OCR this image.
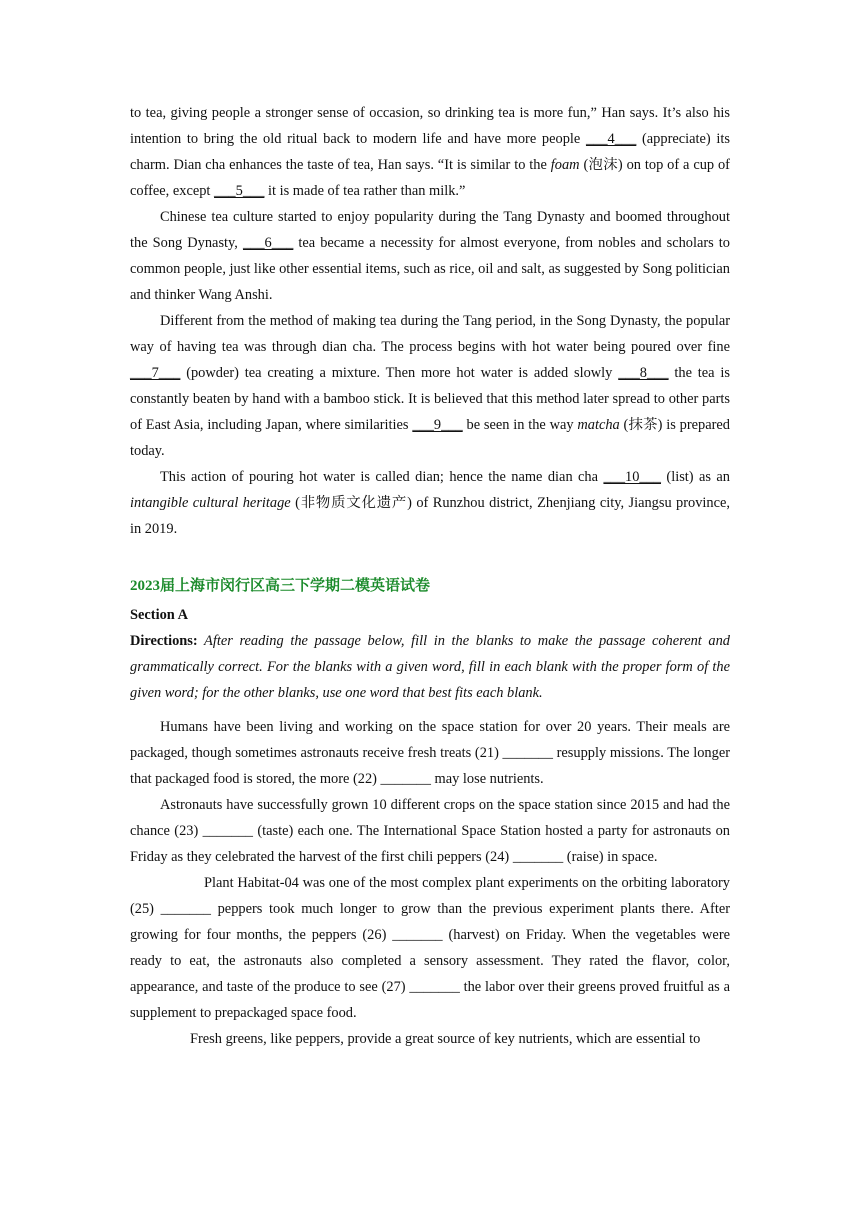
to tea, giving people a stronger sense of occasion, so drinking tea is more fun,” Han says. It’s also his intention to bring the old ritual back to modern life and have more people ___4___ (appreciate) its charm. Dian cha enhances the taste of tea, Han says. “It is similar to the foam (泡沫) on top of a cup of coffee, except ___5___ it is made of tea rather than milk.”

Chinese tea culture started to enjoy popularity during the Tang Dynasty and boomed throughout the Song Dynasty, ___6___ tea became a necessity for almost everyone, from nobles and scholars to common people, just like other essential items, such as rice, oil and salt, as suggested by Song politician and thinker Wang Anshi.

Different from the method of making tea during the Tang period, in the Song Dynasty, the popular way of having tea was through dian cha. The process begins with hot water being poured over fine ___7___ (powder) tea creating a mixture. Then more hot water is added slowly ___8___ the tea is constantly beaten by hand with a bamboo stick. It is believed that this method later spread to other parts of East Asia, including Japan, where similarities ___9___ be seen in the way matcha (抹茶) is prepared today.

This action of pouring hot water is called dian; hence the name dian cha ___10___ (list) as an intangible cultural heritage (非物质文化遗产) of Runzhou district, Zhenjiang city, Jiangsu province, in 2019.

2023届上海市闵行区高三下学期二模英语试卷

Section A

Directions: After reading the passage below, fill in the blanks to make the passage coherent and grammatically correct. For the blanks with a given word, fill in each blank with the proper form of the given word; for the other blanks, use one word that best fits each blank.

Humans have been living and working on the space station for over 20 years. Their meals are packaged, though sometimes astronauts receive fresh treats (21) _______ resupply missions. The longer that packaged food is stored, the more (22) _______ may lose nutrients.

Astronauts have successfully grown 10 different crops on the space station since 2015 and had the chance (23) _______ (taste) each one. The International Space Station hosted a party for astronauts on Friday as they celebrated the harvest of the first chili peppers (24) _______ (raise) in space.

Plant Habitat-04 was one of the most complex plant experiments on the orbiting laboratory (25) _______ peppers took much longer to grow than the previous experiment plants there. After growing for four months, the peppers (26) _______ (harvest) on Friday. When the vegetables were ready to eat, the astronauts also completed a sensory assessment. They rated the flavor, color, appearance, and taste of the produce to see (27) _______ the labor over their greens proved fruitful as a supplement to prepackaged space food.

Fresh greens, like peppers, provide a great source of key nutrients, which are essential to
